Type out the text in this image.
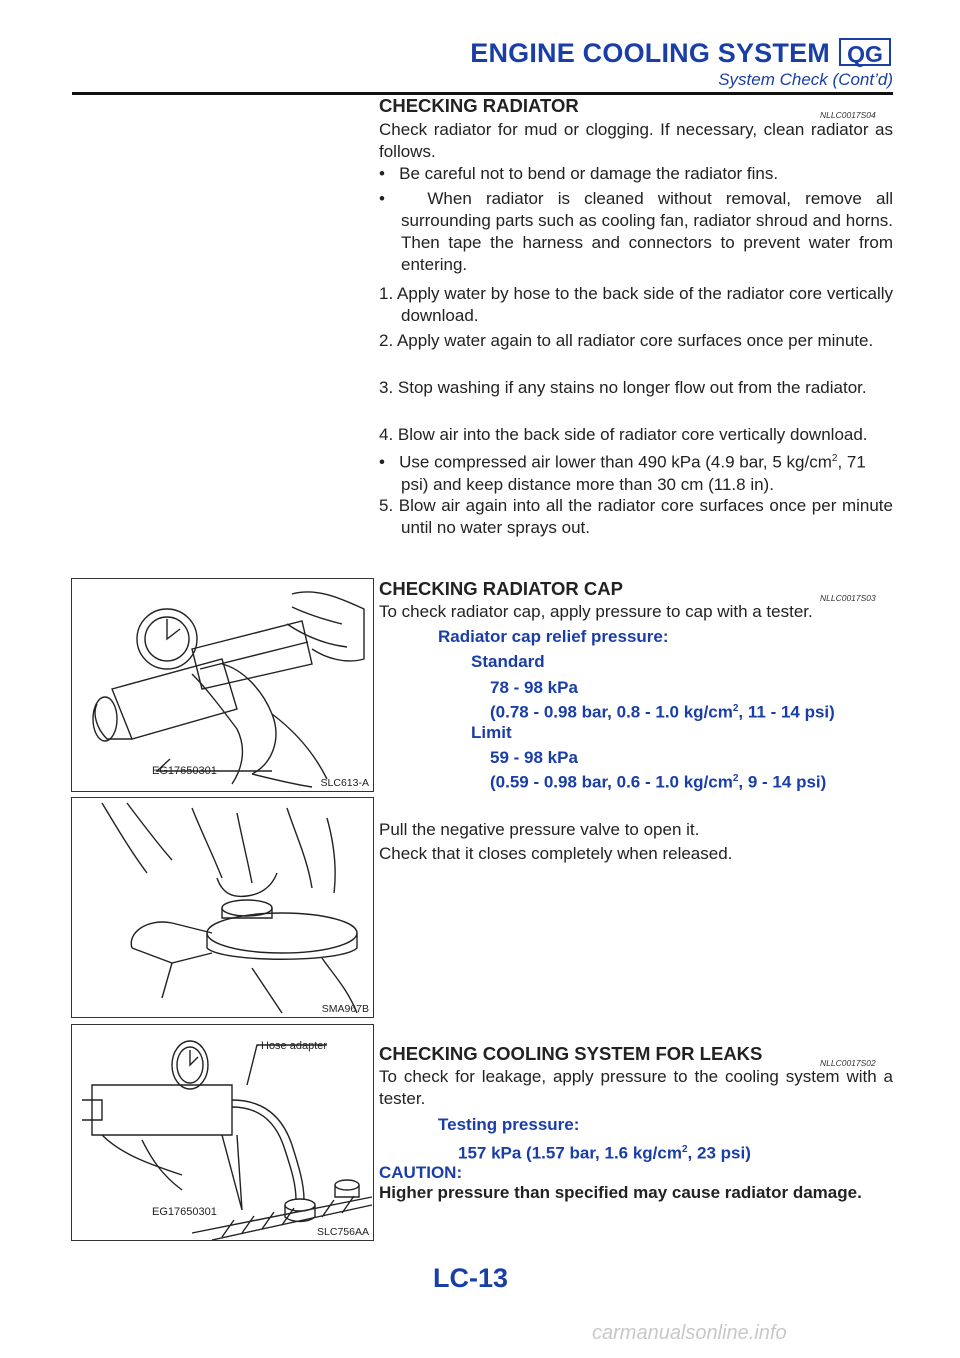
ENGINE COOLING SYSTEM QG
System Check (Cont’d)
CHECKING RADIATOR	NLLC0017S04
Check radiator for mud or clogging. If necessary, clean radiator as follows.
•   Be careful not to bend or damage the radiator fins.
•   When radiator is cleaned without removal, remove all surrounding parts such as cooling fan, radiator shroud and horns. Then tape the harness and connectors to prevent water from entering.
1. Apply water by hose to the back side of the radiator core vertically download.
2. Apply water again to all radiator core surfaces once per minute.
3. Stop washing if any stains no longer flow out from the radiator.
4. Blow air into the back side of radiator core vertically download.
•   Use compressed air lower than 490 kPa (4.9 bar, 5 $kg/cm^2$, 71 psi) and keep distance more than 30 cm (11.8 in).
5. Blow air again into all the radiator core surfaces once per minute until no water sprays out.
CHECKING RADIATOR CAP	NLLC0017S03
To check radiator cap, apply pressure to cap with a tester.
Radiator cap relief pressure:
Standard
78 - 98 kPa
(0.78 - 0.98 bar, 0.8 - 1.0 $kg/cm^2$, 11 - 14 psi)
Limit
59 - 98 kPa
(0.59 - 0.98 bar, 0.6 - 1.0 $kg/cm^2$, 9 - 14 psi)
Pull the negative pressure valve to open it.
Check that it closes completely when released.
CHECKING COOLING SYSTEM FOR LEAKS	NLLC0017S02
To check for leakage, apply pressure to the cooling system with a tester.
Testing pressure:
157 kPa (1.57 bar, 1.6 $kg/cm^2$, 23 psi)
CAUTION:
Higher pressure than specified may cause radiator damage.
EG17650301
SLC613-A
SMA967B
Hose adapter
EG17650301
SLC756AA
LC-13
carmanualsonline.info
